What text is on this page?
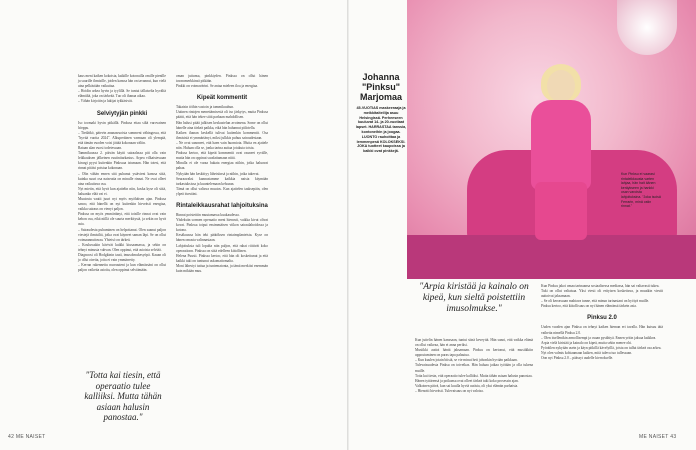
kaus meni kaiken kokoista, kaikille kotonailla omille pienille ja suurille ihmisille, joiden kanssa hän on tavannut, kun vielä aina pelkästään vaikuttaa.

– Hoidin arkea hyvin ja tyylillä. Se tuntui tällaiselta hyvältä elämältä, joka on tärkeää. Tuo oli ihanaa aikaa.

– Vähän kirjoitin ja lukijat tykkäsivät.

Selviytyjän pinkki

Iso toomaki hyvin pitkällä. Pinkssa ettaa siltä varovainen hörppu.

– Tiedätkö, pätevin ananasruoista sommeni vähingossa, että "hyvää vuotta 2024". Alkuperäinen varmaan oli ylempiä, että tämän vuoden voisi jättää kokonaan väliin.

Rataan alan vuosi todetessaan.

Tammikuussa 2. päivän käytti sairaalassa piti olla vain leikkauksen jälkeinen ruutinitarkastus. Arpea vilkaistessaan kirurgi pyysi kuitenkin Pinkssaa istumaan. Hän totesi, että rinnat pitäisi poistaa kokonaan.

– Olin vähän ennen sitä puhunut ystävieni kanssa siitä, kuinka suuri osa naiseutta on minulle rinnat. Ne ovat olleet aina vaikuttava osa.

Nyt mietin, että hyvä kun ajattelin niin, koska kyse oli siitä, haluanko elää vai ei.

Muutosta vaatii juuri nyt myös myöhäisen ajan. Pinkssa sanoo, että hänellä on nyt kuitenkin hirveästi energiaa, vaikka sairaus on vienyt paljon.

Pinkssa on myös ymmärtänyt, että toisille rinnat ovat vain kehon osa, eikä niillä ole suurta merkitystä, ja sekin on hyvä asia.

– Sairaudesta puhuminen on helpottanut. Olen saanut paljon viestejä ihmisiltä, jotka ovat käyneet saman läpi. Se on ollut voimaannuttavaa. Yhteisö on tärkeä.

– Koulussakin kävivät kaikki kiusaamassa, ja sekin on tehnyt minusta vahvan. Olen oppinut, että asioista selviää.

Diagnoosi oli Hodgkinin tauti, imusolmukesyöpä. Kauan oli jo ollut oireita, joita ei vain ymmärretty.

– Kerran rakennettu nuoruuteni ja kun elämässäni on ollut paljon vaikeita asioita, olen oppinut selviämään.

"Totta kai tiesin, että operaatio tulee kalliiksi. Mutta tähän asiaan halusin panostaa."

oman juttunsa, pinkkiyden. Pinkssa on ollut hänen tavaramerkkinsä pitkään.

Pinkki on voimavärini. Se antaa mieleen iloa ja energiaa.

Kipeät kommentit

Takaisin töihin vastoin ja tammikuuhun.

Uutinen rintojen menettämisestä oli iso järkytys, mutta Pinkssa päätti, että hän tekee siitä parhaan mahdollisen.

Hän halusi pitää julkisen keskustelun avoimena. Some on ollut hänelle aina tärkeä paikka, eikä hän halunnut piilotella.

Kaiken ihanan keskellä tulivat kuitenkin kommentit. Osa ihmisistä ei ymmärtänyt, miksi julkkis puhuu sairaudestaan.

– Ne ovat sanoneet, että haen vain huomiota. Mutta en ajattele niin. Haluan olla se, jonka tarina auttaa jotakuta toista.

Pinkssa kertoo, että kipeät kommentit ovat osuneet syvälle, mutta hän on oppinut suodattamaan niitä.

Minulla ei ole varaa hukata energiaa niihin, jotka haluavat pahaa.

Nykyään hän keskittyy läheisiinsä ja niihin, jotka tukevat.

Seuraavaksi kannustamme kaikkia naisia käymään tarkastuksissa ja kuuntelemaan kehoaan.

Tämä on ollut valtava muutos. Kun ajattelen taaksepäin, olen ylpeä itsestäni.

Rintaleikkausrahat lahjoituksina

Rinnat poistettiin muutamassa kuukaudessa.

Yhdeksän sormen operaatio meni hienosti, vaikka kivut olivat kovat. Pinkssa toipui ensimmäisen viikon sairaalahoidossa ja kotona.

Kesäkuussa hän teki päätöksen rintaimplanteista. Kyse on hänen omasta valinnastaan.

Lahjoituksia tuli lopulta niin paljon, että rahat riittivät koko operaatioon. Pinkssa on siitä edelleen kiitollinen.

Helena Puusti. Pinkssa kertoo, että hän oli koskettunut ja että kaikki tuki on tuntunut uskomattomalta.

Moni lähestyi tuttua ja tuntematonta, ja tämä merkitsi enemmän kuin mikään muu.

42 ME NAISET
Johanna
"Pinksu"
Marjomaa
45-VUOTIAS maskeeraaja ja meikkitaiteilija asuu Helsingissä. Perheeseen kuuluvat 14- ja 20-vuotiaat lapset. HARRASTAA tanssia, kontoneihin ja joogaa. LUONTO rauhoittaa ja lemmenpesä KOLOKSEKSI. JOKA tuotteet kaupoissa ja kaikki ovat pinkkejä.
Kun Pinksu ei vaarasi rintaleikkausta varten lahjaa, hän hait äänen keräykseen ja hankki osan varoista lahjoituksina. "Joka isoisä Ferrarin, minä ostin rinnat."
"Arpia kiristää ja kainalo on kipeä, kun sieltä poistettiin imusolmukse."

Kun juttelin hänen kanssaan, tuntui siinä keveyttä. Hän sanoi, että vaikka elämä on ollut vaikeaa, hän ei anna periksi.

Musiikki auttoi häntä jaksamaan. Pinksu on kertonut, että musiikkiin uppoutuminen on paras tapa palautua.

– Kun kuulen jotain biisiä, se vie minut heti johonkin hyvään paikkaan.

Tulevaisuudesta Pinksu on toiveikas. Hän haluaa jatkaa työtään ja olla tukena muille.

Totta kai tiesin, että operaatio tulee kalliiksi. Mutta tähän asiaan halusin panostaa.

Hänen tyttärensä ja poikansa ovat olleet tärkeä tuki koko prosessin ajan.

Valkoinen päivä, kun sai kuulla hyviä uutisia, oli yksi elämän parhaista.

– Hienotti hirveästi. Tulevaisuus on nyt valoisa.

Kun Pinksu jakoi omaa tarinaansa sosiaalisessa mediassa, hän sai valtavasti tukea.

Tuki on ollut valtaisaa. Yksi viesti oli erityisen koskettava, ja muutkin viestit auttoivat jaksamaan.

– Se oli kerrassaan mahtava tunne, että minun tarinastani on hyötyä muille.

Pinksu kertoo, että kiitollisuus on nyt hänen elämänsä tärkein asia.

Pinksu 2.0

Uuden vuoden ajan Pinksu on tehnyt kaiken hieman eri tavalla. Hän kutsuu tätä vaihetta nimellä Pinksu 2.0.

– Olen itsellenikin armollisempi ja osaan pysähtyä. Ennen yritin jaksaa kaikkea.

Arpia vielä kiristää ja kainalo on kipeä, mutta sekin menee ohi.

Pyöräilen nykyään usein ja käyn pitkillä kävelyillä, joista on tullut tärkeä osa arkea.

Nyt olen valmis kohtaamaan kaiken, mitä tuleva tuo tullessaan.

Oon nyt Pinksu 2.0 – päässyt uudelle kierrokselle.

ME NAISET 43
